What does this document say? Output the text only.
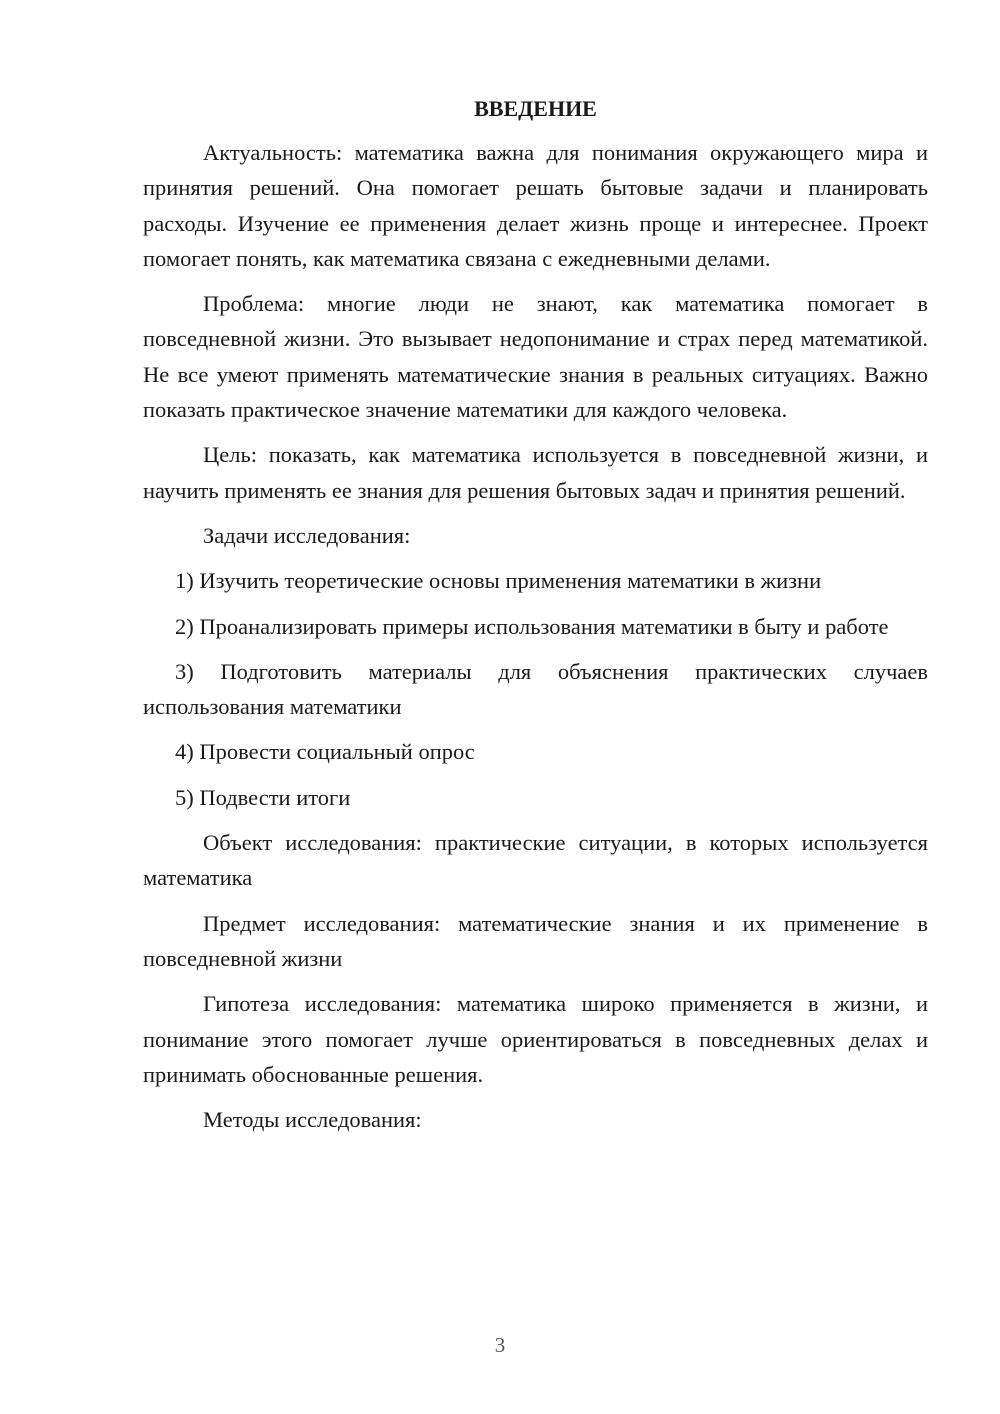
ВВЕДЕНИЕ

Актуальность: математика важна для понимания окружающего мира и принятия решений. Она помогает решать бытовые задачи и планировать расходы. Изучение ее применения делает жизнь проще и интереснее. Проект помогает понять, как математика связана с ежедневными делами.

Проблема: многие люди не знают, как математика помогает в повседневной жизни. Это вызывает недопонимание и страх перед математикой. Не все умеют применять математические знания в реальных ситуациях. Важно показать практическое значение математики для каждого человека.

Цель: показать, как математика используется в повседневной жизни, и научить применять ее знания для решения бытовых задач и принятия решений.

Задачи исследования:

1) Изучить теоретические основы применения математики в жизни

2) Проанализировать примеры использования математики в быту и работе

3) Подготовить материалы для объяснения практических случаев использования математики

4) Провести социальный опрос

5) Подвести итоги

Объект исследования: практические ситуации, в которых используется математика

Предмет исследования: математические знания и их применение в повседневной жизни

Гипотеза исследования: математика широко применяется в жизни, и понимание этого помогает лучше ориентироваться в повседневных делах и принимать обоснованные решения.

Методы исследования:

3
